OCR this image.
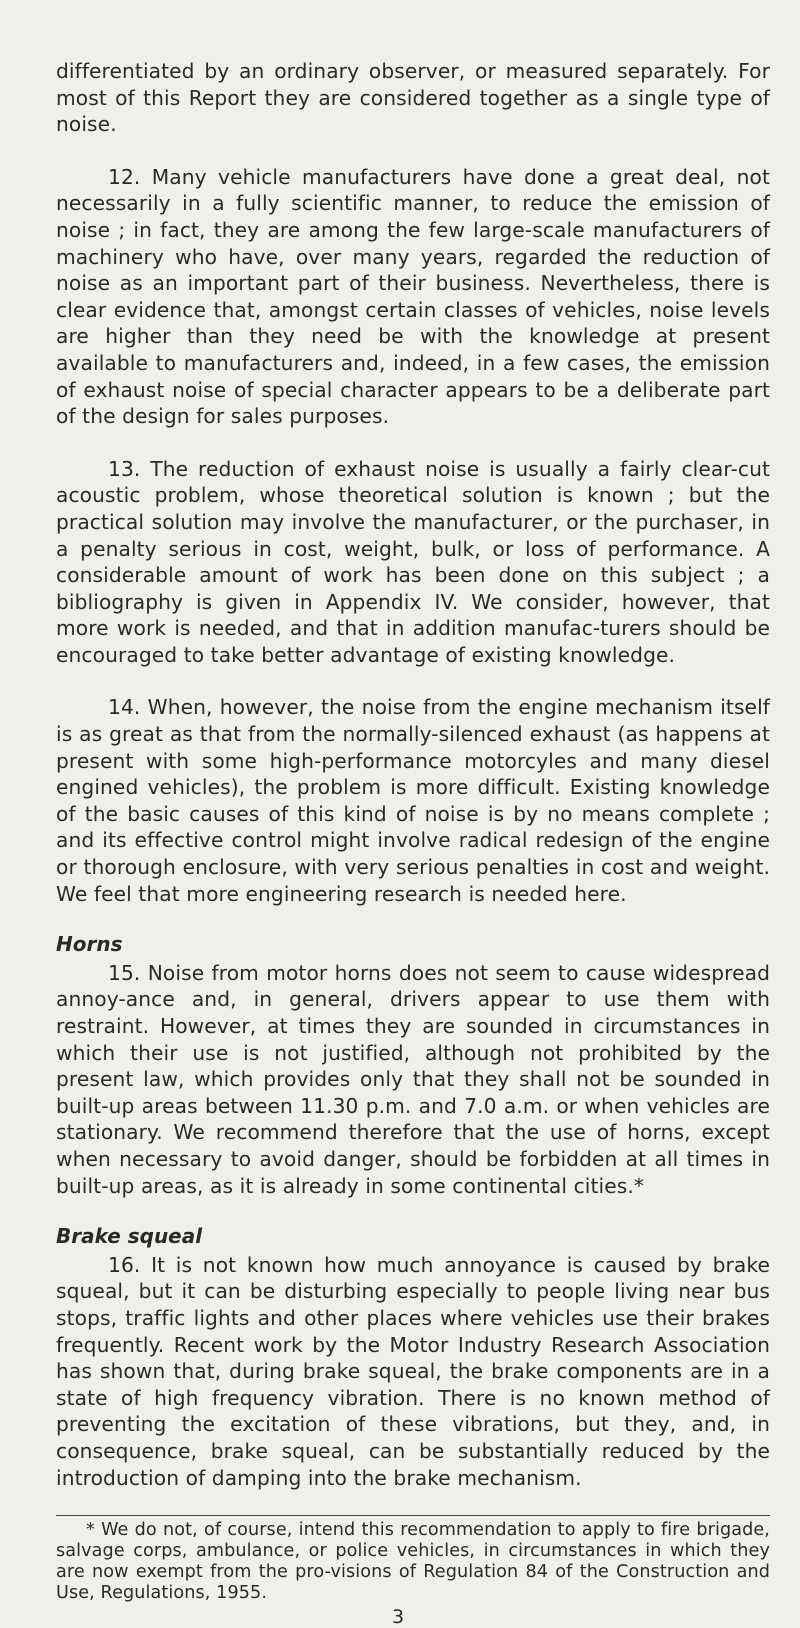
differentiated by an ordinary observer, or measured separately. For most of this Report they are considered together as a single type of noise.

12. Many vehicle manufacturers have done a great deal, not necessarily in a fully scientific manner, to reduce the emission of noise ; in fact, they are among the few large-scale manufacturers of machinery who have, over many years, regarded the reduction of noise as an important part of their business. Nevertheless, there is clear evidence that, amongst certain classes of vehicles, noise levels are higher than they need be with the knowledge at present available to manufacturers and, indeed, in a few cases, the emission of exhaust noise of special character appears to be a deliberate part of the design for sales purposes.

13. The reduction of exhaust noise is usually a fairly clear-cut acoustic problem, whose theoretical solution is known ; but the practical solution may involve the manufacturer, or the purchaser, in a penalty serious in cost, weight, bulk, or loss of performance. A considerable amount of work has been done on this subject ; a bibliography is given in Appendix IV. We consider, however, that more work is needed, and that in addition manufac-turers should be encouraged to take better advantage of existing knowledge.

14. When, however, the noise from the engine mechanism itself is as great as that from the normally-silenced exhaust (as happens at present with some high-performance motorcyles and many diesel engined vehicles), the problem is more difficult. Existing knowledge of the basic causes of this kind of noise is by no means complete ; and its effective control might involve radical redesign of the engine or thorough enclosure, with very serious penalties in cost and weight. We feel that more engineering research is needed here.

Horns

15. Noise from motor horns does not seem to cause widespread annoy-ance and, in general, drivers appear to use them with restraint. However, at times they are sounded in circumstances in which their use is not justified, although not prohibited by the present law, which provides only that they shall not be sounded in built-up areas between 11.30 p.m. and 7.0 a.m. or when vehicles are stationary. We recommend therefore that the use of horns, except when necessary to avoid danger, should be forbidden at all times in built-up areas, as it is already in some continental cities.*

Brake squeal

16. It is not known how much annoyance is caused by brake squeal, but it can be disturbing especially to people living near bus stops, traffic lights and other places where vehicles use their brakes frequently. Recent work by the Motor Industry Research Association has shown that, during brake squeal, the brake components are in a state of high frequency vibration. There is no known method of preventing the excitation of these vibrations, but they, and, in consequence, brake squeal, can be substantially reduced by the introduction of damping into the brake mechanism.

* We do not, of course, intend this recommendation to apply to fire brigade, salvage corps, ambulance, or police vehicles, in circumstances in which they are now exempt from the pro-visions of Regulation 84 of the Construction and Use, Regulations, 1955.

3
